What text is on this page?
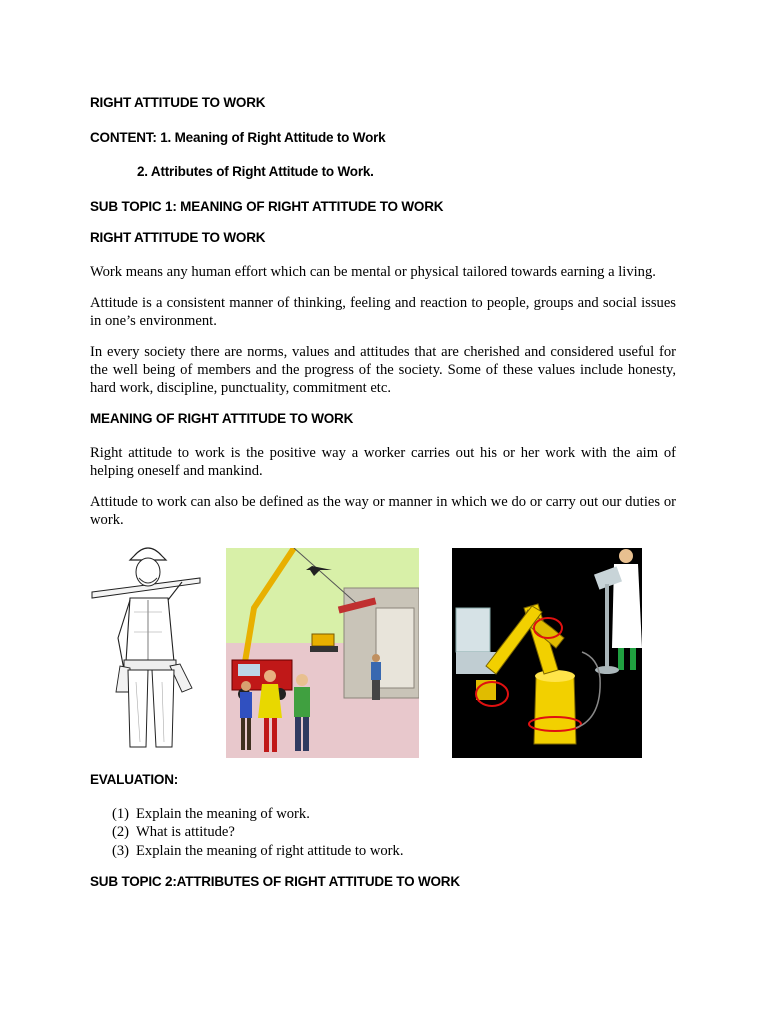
RIGHT ATTITUDE TO WORK
CONTENT: 1. Meaning of Right Attitude to Work
2. Attributes of Right Attitude to Work.
SUB TOPIC 1: MEANING OF RIGHT ATTITUDE TO WORK
RIGHT ATTITUDE TO WORK
Work means any human effort which can be mental or physical tailored towards earning a living.
Attitude is a consistent manner of thinking, feeling and reaction to people, groups and social issues in one’s environment.
In every society there are norms, values and attitudes that are cherished and considered useful for the well being of members and the progress of the society. Some of these values include honesty, hard work, discipline, punctuality, commitment etc.
MEANING OF RIGHT ATTITUDE TO WORK
Right attitude to work is the positive way a worker carries out his or her work with the aim of helping oneself and mankind.
Attitude to work can also be defined as the way or manner in which we do or carry out our duties or work.
EVALUATION:
(1) Explain the meaning of work.
(2) What is attitude?
(3) Explain the meaning of right attitude to work.
SUB TOPIC 2:ATTRIBUTES OF RIGHT ATTITUDE TO WORK
